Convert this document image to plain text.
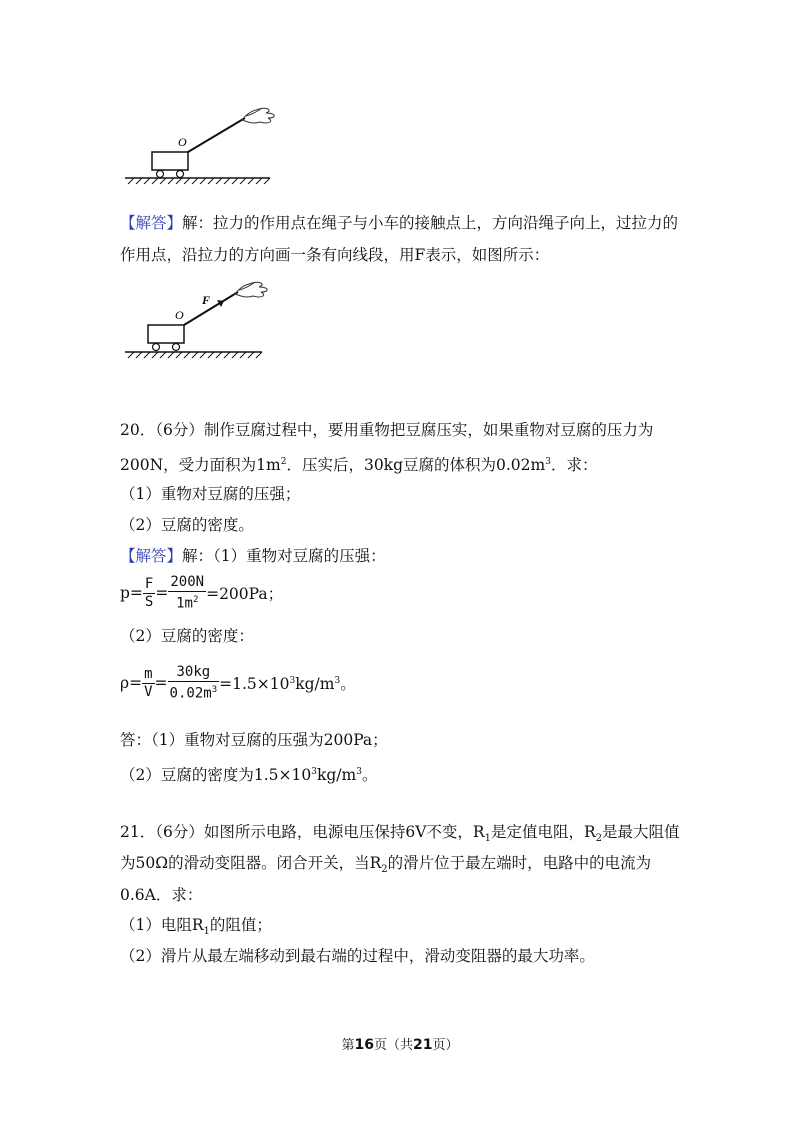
O
【解答】解：拉力的作用点在绳子与小车的接触点上，方向沿绳子向上，过拉力的
作用点，沿拉力的方向画一条有向线段，用F表示，如图所示：
O
F
20．（6分）制作豆腐过程中，要用重物把豆腐压实，如果重物对豆腐的压力为
200N，受力面积为$1m^2$．压实后，30kg豆腐的体积为$0.02m^3$．求：
（1）重物对豆腐的压强；
（2）豆腐的密度。
【解答】解：（1）重物对豆腐的压强：
$p= \frac{F}{S} = \frac{200N}{1m^2} =200Pa$；
（2）豆腐的密度：
$\rho= \frac{m}{V} = \frac{30kg}{0.02m^3} =1.5\times 10^3kg/m^3$。
答：（1）重物对豆腐的压强为200Pa；
（2）豆腐的密度为$1.5\times 10^3kg/m^3$。
21．（6分）如图所示电路，电源电压保持6V不变，$R_1$是定值电阻，$R_2$是最大阻值
为50Ω的滑动变阻器。闭合开关，当$R_2$的滑片位于最左端时，电路中的电流为
0.6A．求：
（1）电阻$R_1$的阻值；
（2）滑片从最左端移动到最右端的过程中，滑动变阻器的最大功率。
第16页（共21页）
